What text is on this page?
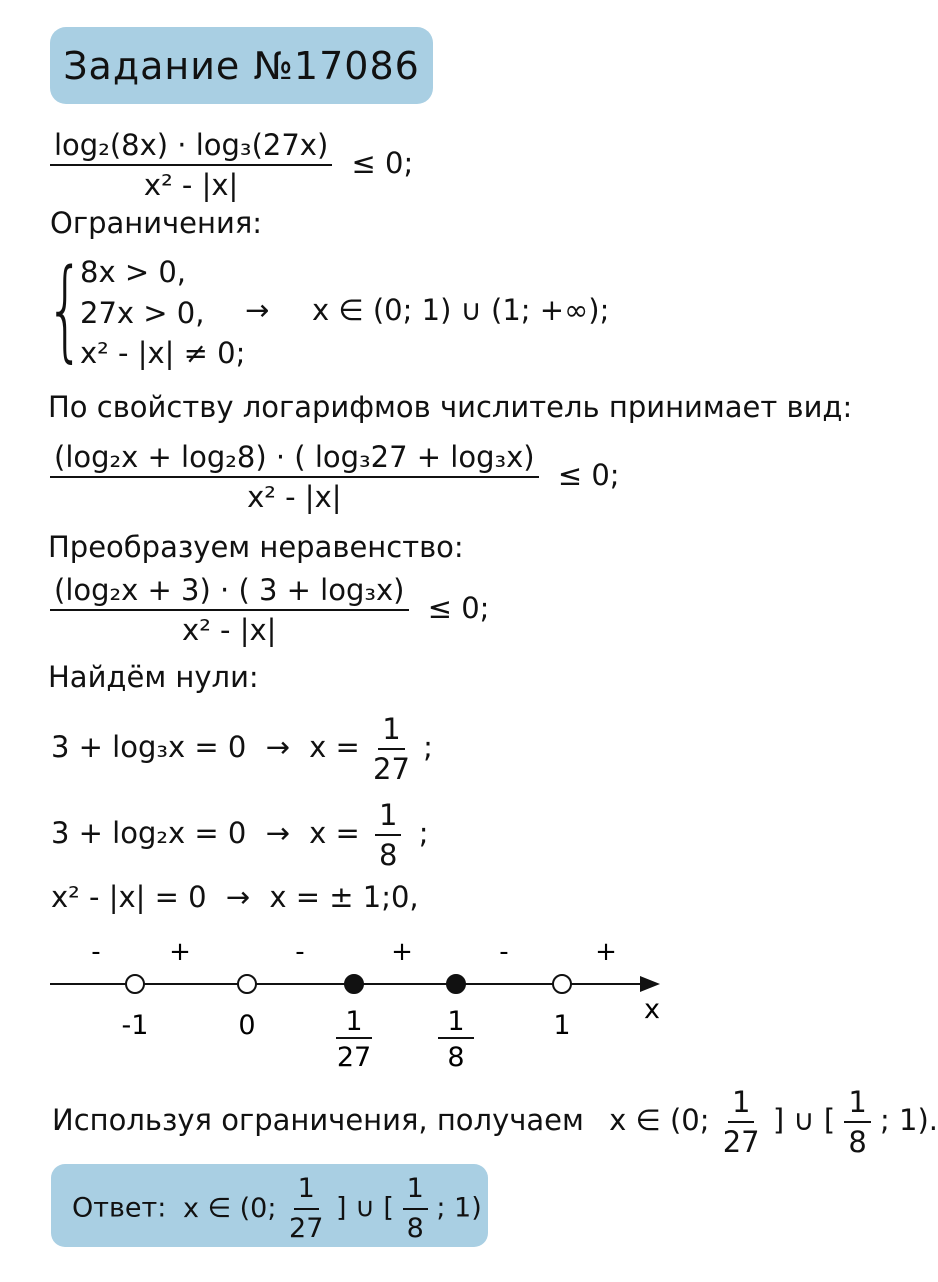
Задание №17086
$\frac{\text{log₂(8x) · log₃(27x)}}{\text{x² - |x|}} \le 0$;
Ограничения:
{
8x > 0,
27x > 0,
x² - |x| ≠ 0;
→ x ∈ (0; 1) ∪ (1; +∞);
По свойству логарифмов числитель принимает вид:
$\frac{\text{(log₂x + log₂8) · ( log₃27 + log₃x)}}{\text{x² - |x|}} \le 0$;
Преобразуем неравенство:
$\frac{\text{(log₂x + 3) · ( 3 + log₃x)}}{\text{x² - |x|}} \le 0$;
Найдём нули:
$3 + \log_3x = 0 \to x = \frac{1}{27}$ ;
$3 + \log_2x = 0 \to x = \frac{1}{8}$ ;
x² - |x| = 0 → x = ± 1;0,
-	+	-	+	-	+
x
-1	0	1
27
1
8
1
Используя ограничения, получаем x ∈ (0; $\frac{1}{27}$ ] ∪ [ $\frac{1}{8}$ ; 1).
Ответ: x ∈ (0; $\frac{1}{27}$ ] ∪ [ $\frac{1}{8}$ ; 1)
